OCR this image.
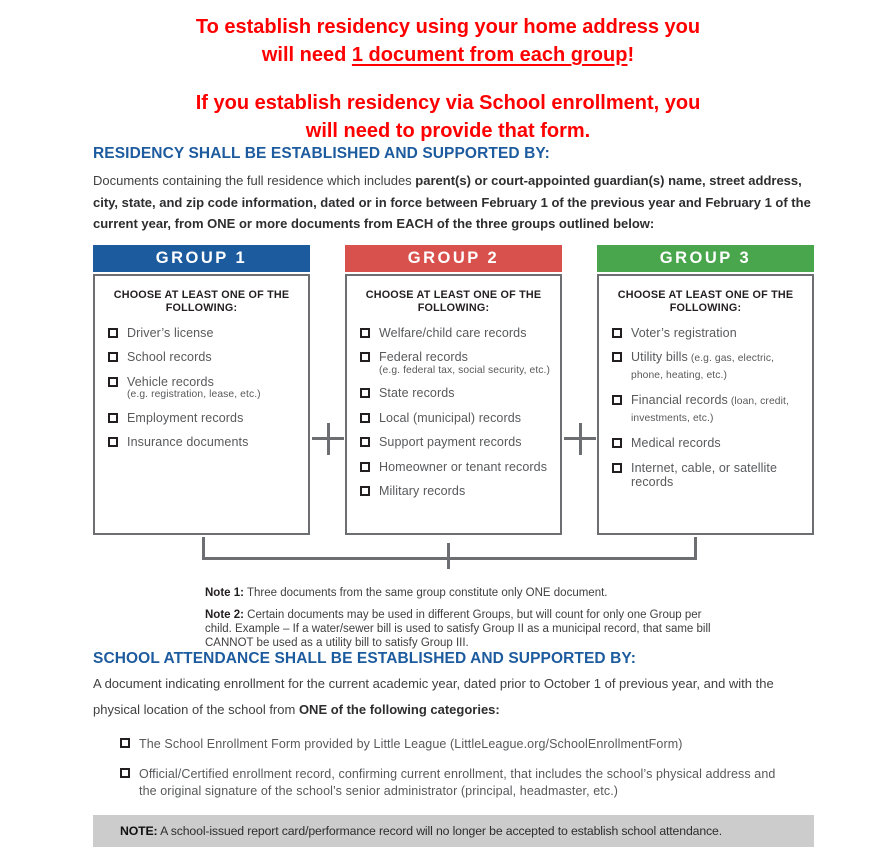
To establish residency using your home address you
will need 1 document from each group!

If you establish residency via School enrollment, you
will need to provide that form.

RESIDENCY SHALL BE ESTABLISHED AND SUPPORTED BY:

Documents containing the full residence which includes parent(s) or court-appointed guardian(s) name, street address, city, state, and zip code information, dated or in force between February 1 of the previous year and February 1 of the current year, from ONE or more documents from EACH of the three groups outlined below:

GROUP 1
CHOOSE AT LEAST ONE OF THE FOLLOWING:
Driver’s license
School records
Vehicle records
(e.g. registration, lease, etc.)
Employment records
Insurance documents
GROUP 2
CHOOSE AT LEAST ONE OF THE FOLLOWING:
Welfare/child care records
Federal records
(e.g. federal tax, social security, etc.)
State records
Local (municipal) records
Support payment records
Homeowner or tenant records
Military records
GROUP 3
CHOOSE AT LEAST ONE OF THE FOLLOWING:
Voter’s registration
Utility bills (e.g. gas, electric, phone, heating, etc.)
Financial records (loan, credit, investments, etc.)
Medical records
Internet, cable, or satellite records
Note 1: Three documents from the same group constitute only ONE document.
Note 2: Certain documents may be used in different Groups, but will count for only one Group per child. Example – If a water/sewer bill is used to satisfy Group II as a municipal record, that same bill CANNOT be used as a utility bill to satisfy Group III.
SCHOOL ATTENDANCE SHALL BE ESTABLISHED AND SUPPORTED BY:

A document indicating enrollment for the current academic year, dated prior to October 1 of previous year, and with the physical location of the school from ONE of the following categories:

The School Enrollment Form provided by Little League (LittleLeague.org/SchoolEnrollmentForm)
Official/Certified enrollment record, confirming current enrollment, that includes the school’s physical address and the original signature of the school’s senior administrator (principal, headmaster, etc.)
NOTE: A school-issued report card/performance record will no longer be accepted to establish school attendance.
